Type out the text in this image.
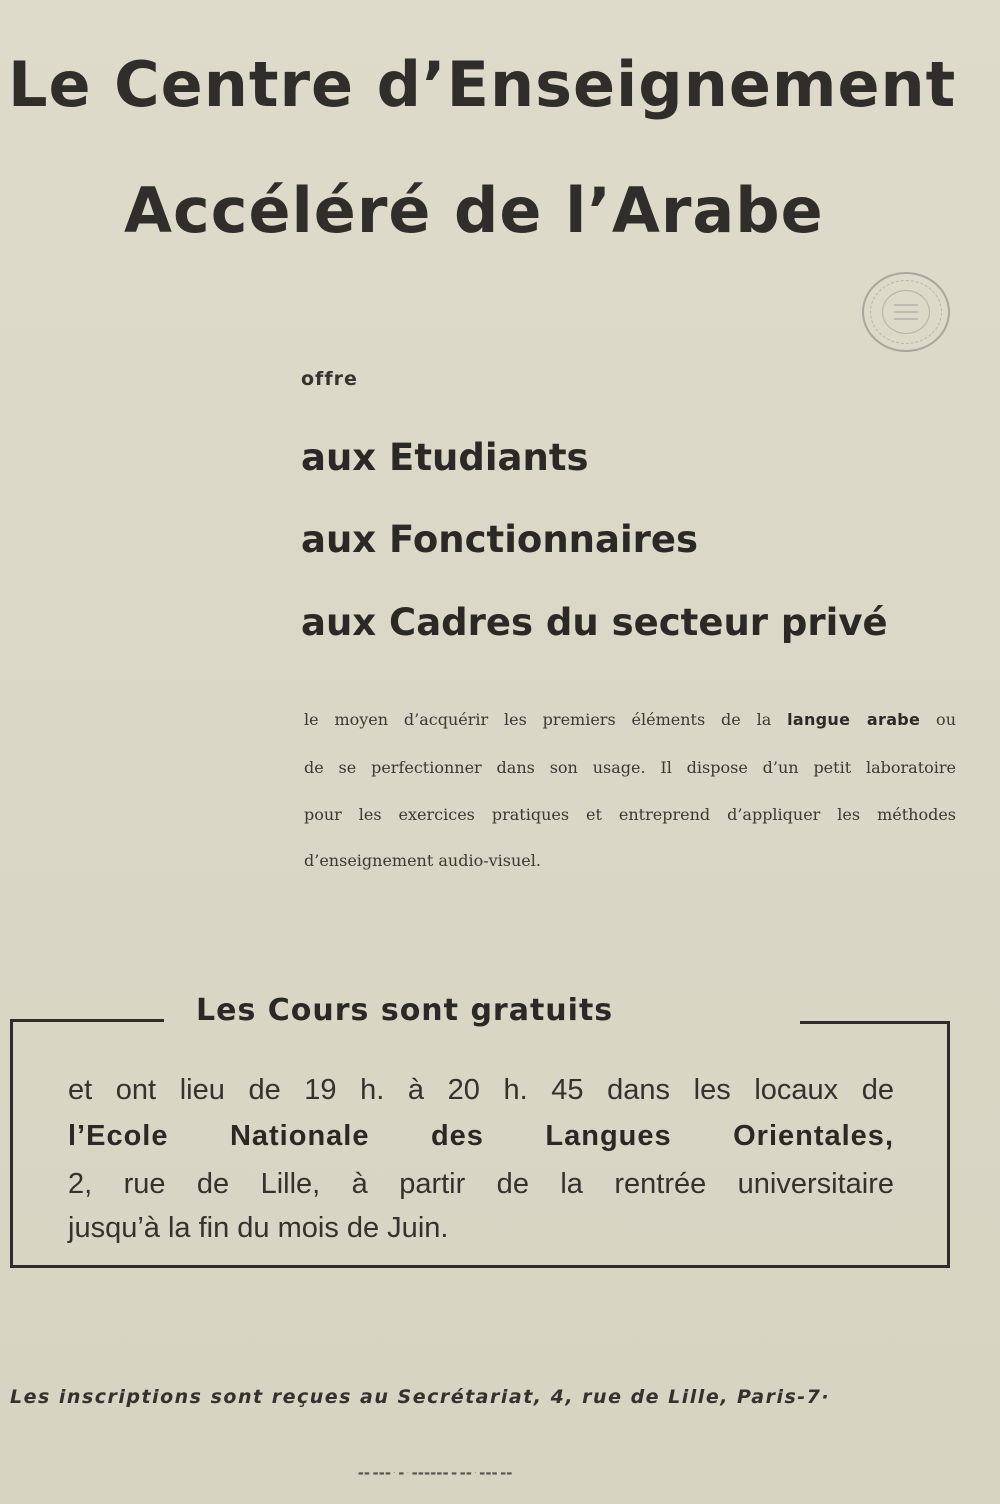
Le Centre d’Enseignement
Accéléré de l’Arabe
offre
aux Etudiants
aux Fonctionnaires
aux Cadres du secteur privé
le moyen d’acquérir les premiers éléments de la langue arabe ou
de se perfectionner dans son usage. Il dispose d’un petit laboratoire
pour les exercices pratiques et entreprend d’appliquer les méthodes
d’enseignement audio-visuel.
Les Cours sont gratuits
et ont lieu de 19 h. à 20 h. 45 dans les locaux de
l’Ecole Nationale des Langues Orientales,
2, rue de Lille, à partir de la rentrée universitaire
jusqu’à la fin du mois de Juin.
Les inscriptions sont reçues au Secrétariat, 4, rue de Lille, Paris-7·
▬▬ ▬▬▬ · ▬ · ▬▬▬▬▬▬ ▬ ▬▬ · ▬▬▬ ▬▬
